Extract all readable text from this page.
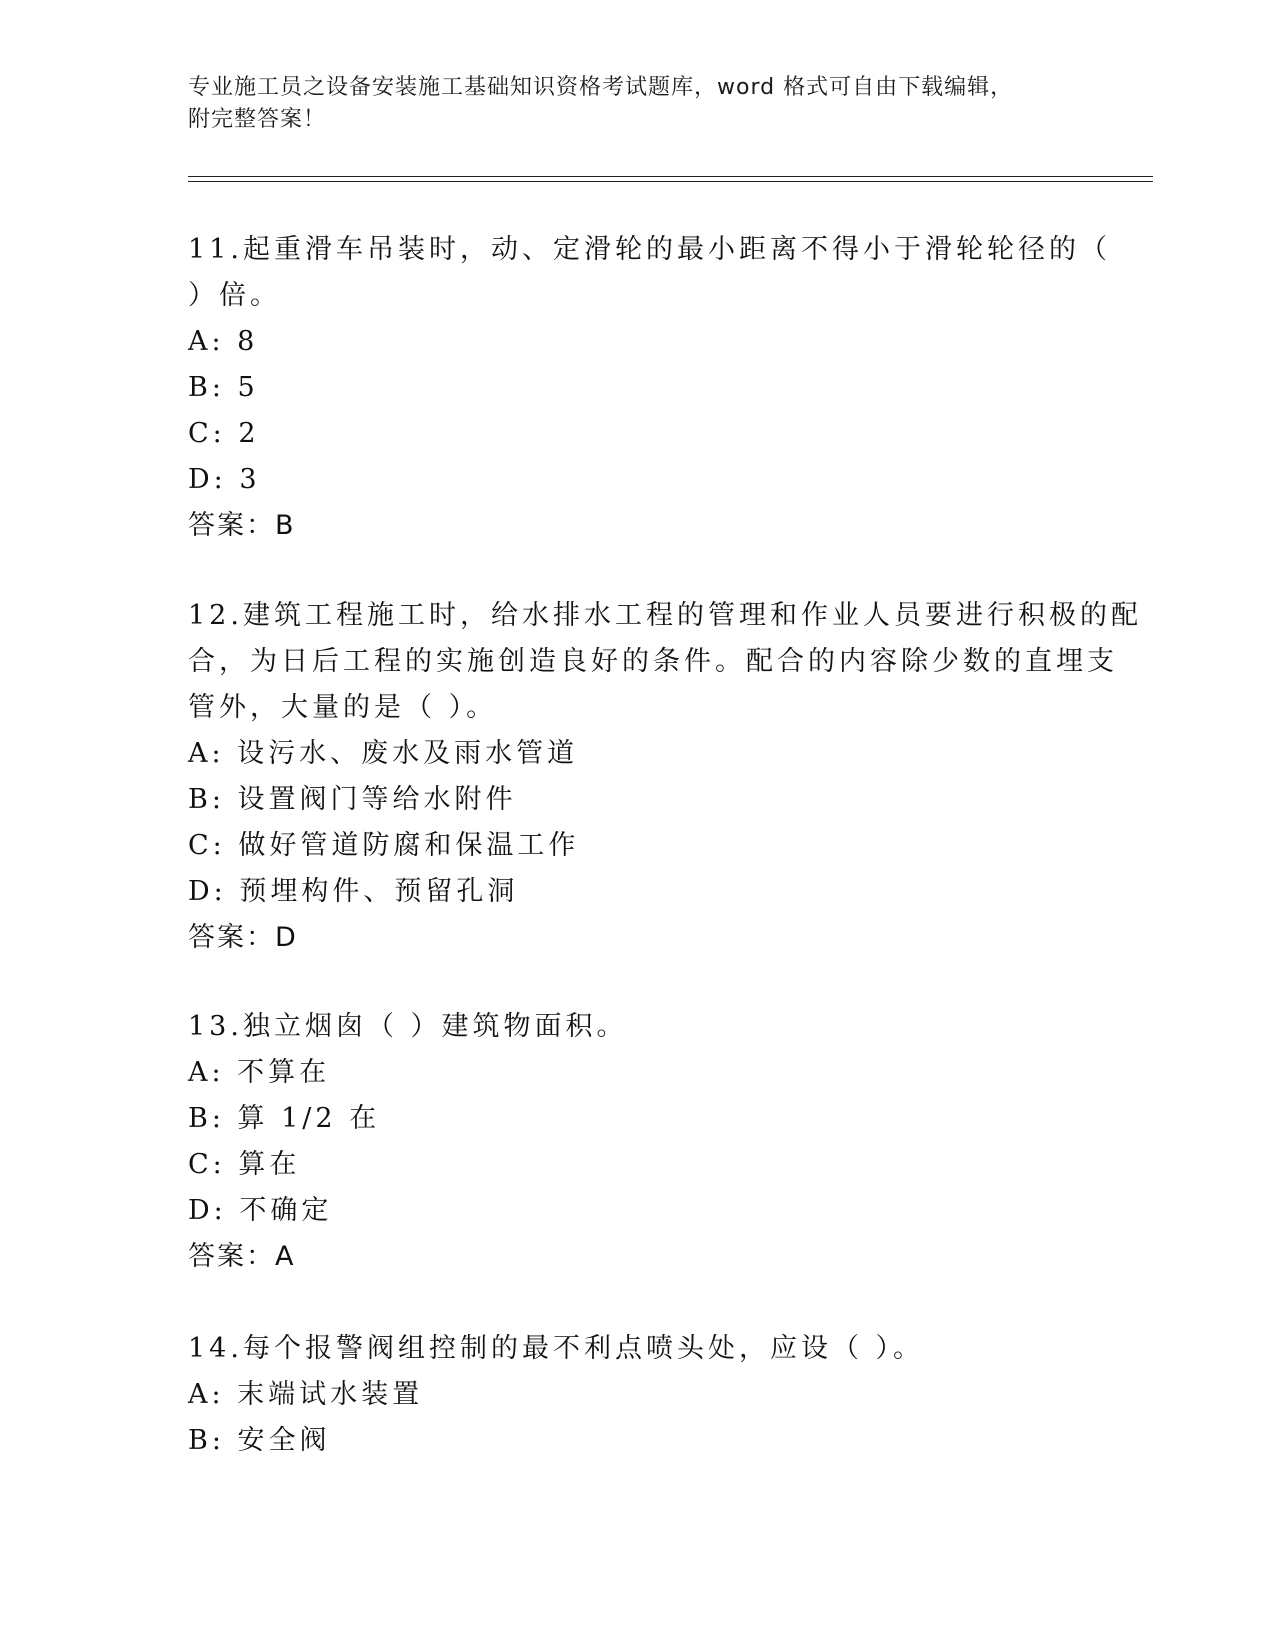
专业施工员之设备安装施工基础知识资格考试题库，word 格式可自由下载编辑，
附完整答案！
11.起重滑车吊装时，动、定滑轮的最小距离不得小于滑轮轮径的（
）倍。
A: 8
B: 5
C: 2
D: 3
答案：B
12.建筑工程施工时，给水排水工程的管理和作业人员要进行积极的配
合，为日后工程的实施创造良好的条件。配合的内容除少数的直埋支
管外，大量的是（ ）。
A: 设污水、废水及雨水管道
B: 设置阀门等给水附件
C: 做好管道防腐和保温工作
D: 预埋构件、预留孔洞
答案：D
13.独立烟囱（ ）建筑物面积。
A: 不算在
B: 算 1/2 在
C: 算在
D: 不确定
答案：A
14.每个报警阀组控制的最不利点喷头处，应设（ ）。
A: 末端试水装置
B: 安全阀
